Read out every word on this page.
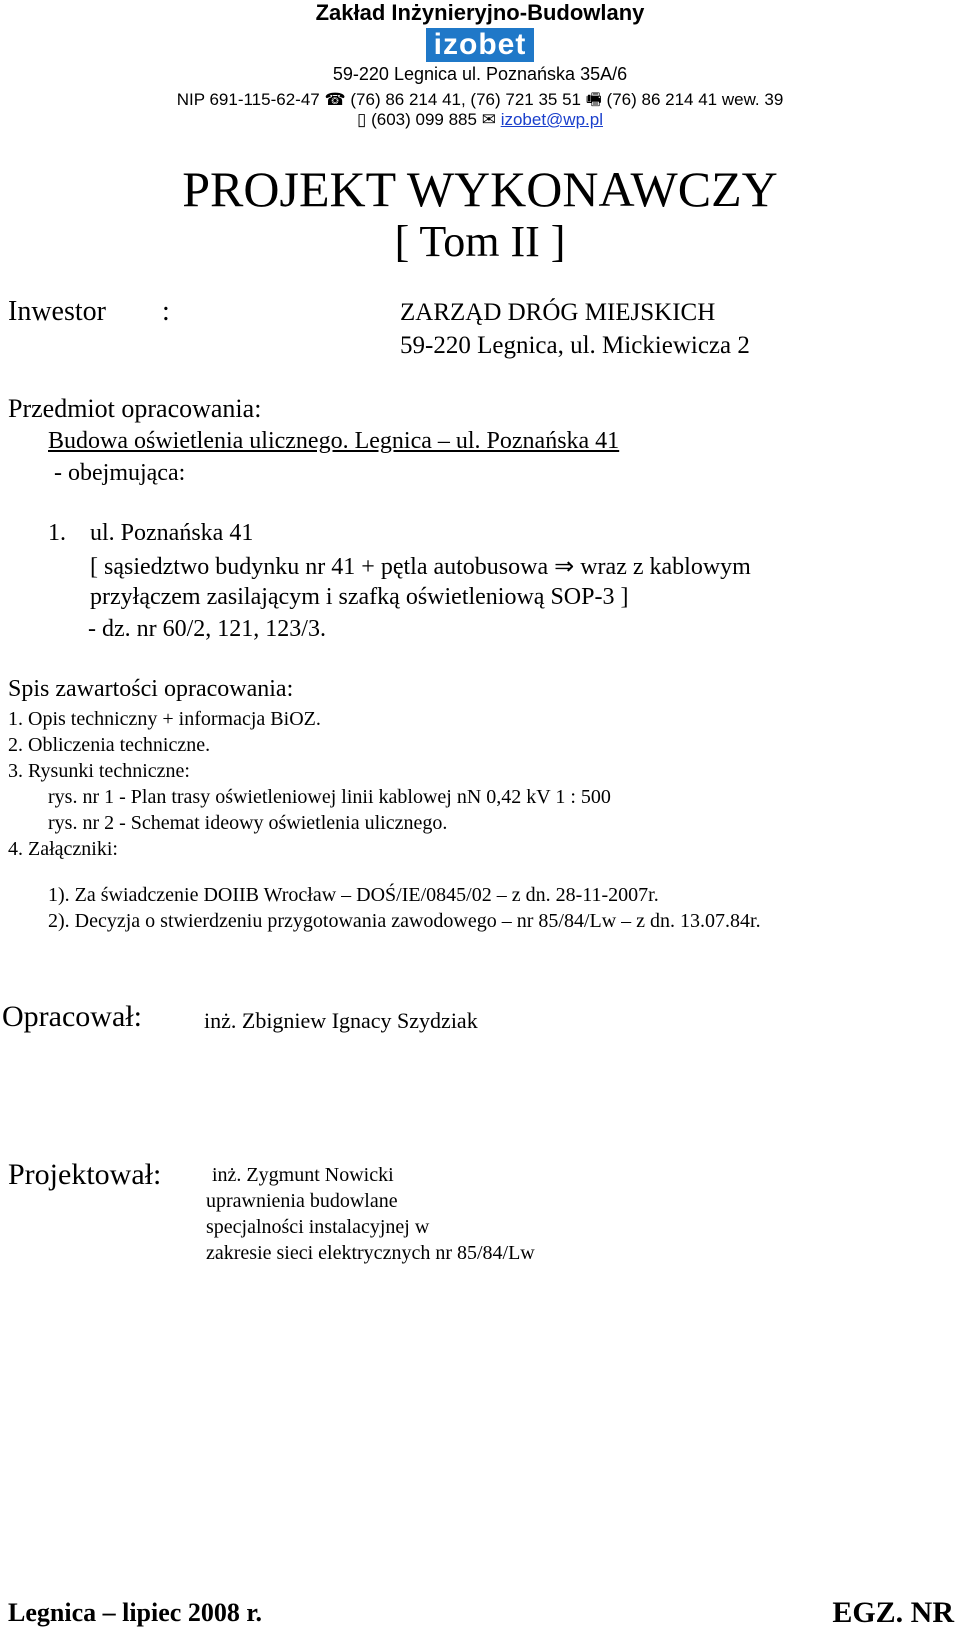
Zakład Inżynieryjno-Budowlany
izobet
59-220 Legnica ul. Poznańska 35A/6
NIP 691-115-62-47 ☎ (76) 86 214 41, (76) 721 35 51 🖷 (76) 86 214 41 wew. 39
▯ (603) 099 885 ✉ izobet@wp.pl
PROJEKT WYKONAWCZY
[ Tom II ]
Inwestor :	ZARZĄD DRÓG MIEJSKICH
59-220 Legnica, ul. Mickiewicza 2
Przedmiot opracowania:
Budowa oświetlenia ulicznego. Legnica – ul. Poznańska 41
- obejmująca:
1. ul. Poznańska 41
[ sąsiedztwo budynku nr 41 + pętla autobusowa ⇒ wraz z kablowym
przyłączem zasilającym i szafką oświetleniową SOP-3 ]
- dz. nr 60/2, 121, 123/3.
Spis zawartości opracowania:
1. Opis techniczny + informacja BiOZ.
2. Obliczenia techniczne.
3. Rysunki techniczne:
rys. nr 1 - Plan trasy oświetleniowej linii kablowej nN 0,42 kV 1 : 500
rys. nr 2 - Schemat ideowy oświetlenia ulicznego.
4. Załączniki:
1). Za świadczenie DOIIB Wrocław – DOŚ/IE/0845/02 – z dn. 28-11-2007r.
2). Decyzja o stwierdzeniu przygotowania zawodowego – nr 85/84/Lw – z dn. 13.07.84r.
Opracował:	inż. Zbigniew Ignacy Szydziak
Projektował:	inż. Zygmunt Nowicki
uprawnienia budowlane
specjalności instalacyjnej w
zakresie sieci elektrycznych nr 85/84/Lw
Legnica – lipiec 2008 r.	EGZ. NR
